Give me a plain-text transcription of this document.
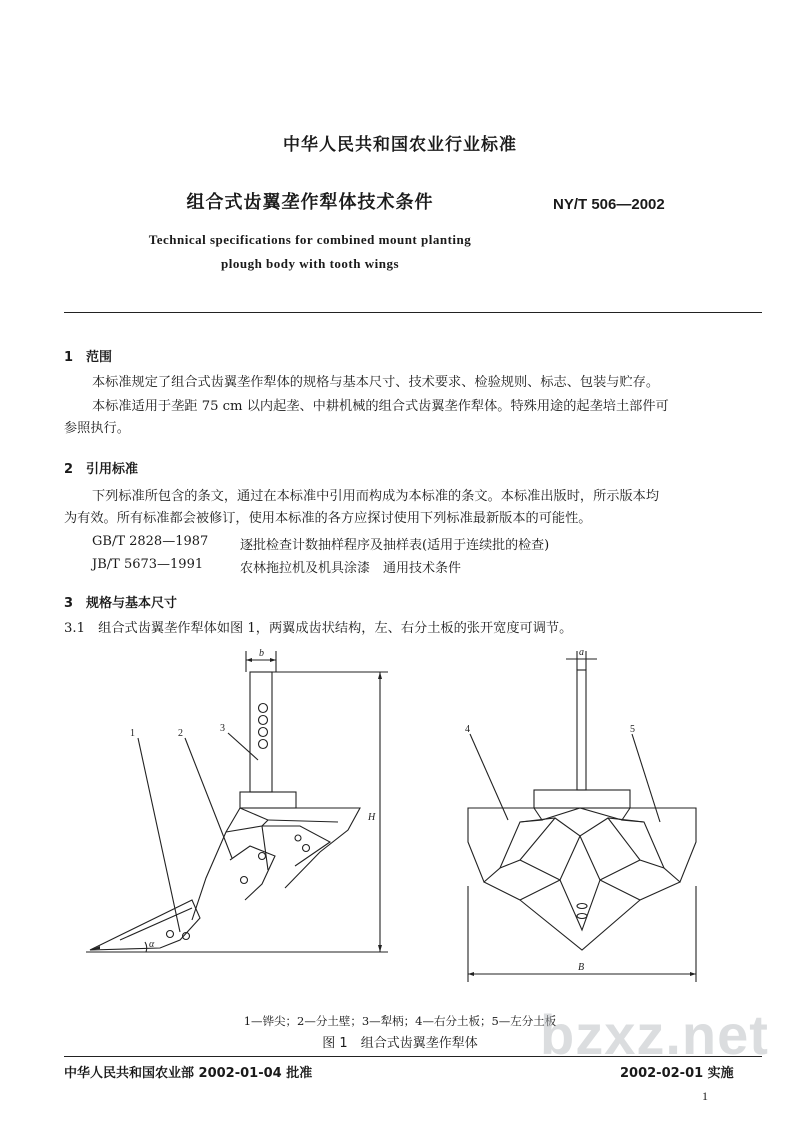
中华人民共和国农业行业标准
组合式齿翼垄作犁体技术条件	NY/T 506—2002
Technical specifications for combined mount planting
plough body with tooth wings
1　范围
本标准规定了组合式齿翼垄作犁体的规格与基本尺寸、技术要求、检验规则、标志、包装与贮存。
本标准适用于垄距 75 cm 以内起垄、中耕机械的组合式齿翼垄作犁体。特殊用途的起垄培土部件可
参照执行。
2　引用标准
下列标准所包含的条文，通过在本标准中引用而构成为本标准的条文。本标准出版时，所示版本均
为有效。所有标准都会被修订，使用本标准的各方应探讨使用下列标准最新版本的可能性。
GB/T 2828—1987 逐批检查计数抽样程序及抽样表(适用于连续批的检查)
JB/T 5673—1991	农林拖拉机及机具涂漆　通用技术条件
3　规格与基本尺寸
3.1　组合式齿翼垄作犁体如图 1，两翼成齿状结构，左、右分土板的张开宽度可调节。
b
H
α
1	2	3
a
4	5
B
1—铧尖；2—分土壁；3—犁柄；4—右分土板；5—左分土板
图 1　组合式齿翼垄作犁体	bzxz.net
中华人民共和国农业部 2002-01-04 批准	2002-02-01 实施
1
